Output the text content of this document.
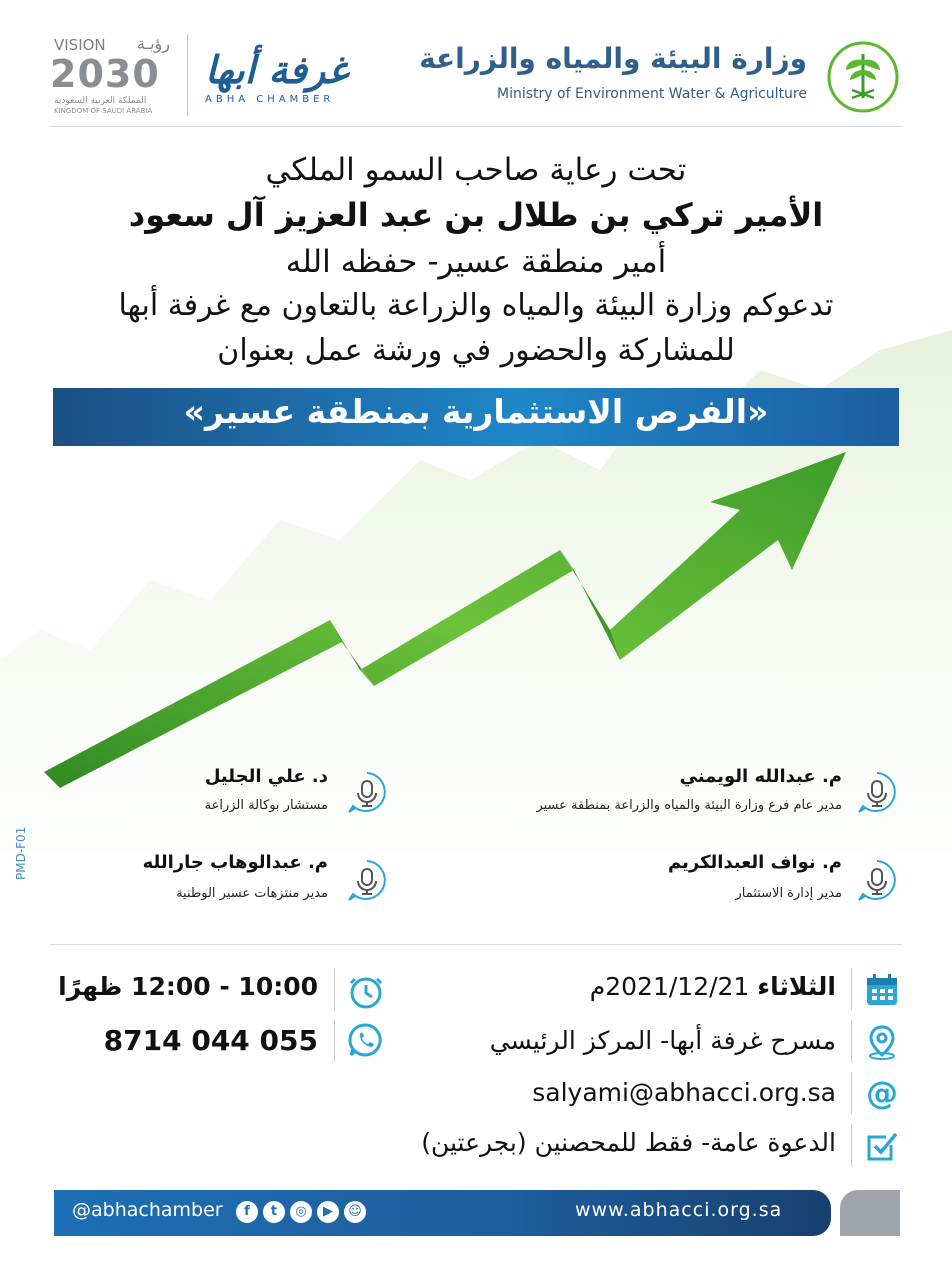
وزارة البيئة والمياه والزراعة
Ministry of Environment Water & Agriculture
غرفة أبها
ABHA CHAMBER
VISION رؤيـة
2030
المملكة العربية السعودية
KINGDOM OF SAUDI ARABIA
تحت رعاية صاحب السمو الملكي
الأمير تركي بن طلال بن عبد العزيز آل سعود
أمير منطقة عسير- حفظه الله
تدعوكم وزارة البيئة والمياه والزراعة بالتعاون مع غرفة أبها
للمشاركة والحضور في ورشة عمل بعنوان
«الفرص الاستثمارية بمنطقة عسير»
م. عبدالله الويمني
مدير عام فرع وزارة البيئة والمياه والزراعة بمنطقة عسير
د. علي الجليل
مستشار بوكالة الزراعة
م. نواف العبدالكريم
مدير إدارة الاستثمار
م. عبدالوهاب جارالله
مدير منتزهات عسير الوطنية
PMD-F01
الثلاثاء 2021/12/21م
10:00 - 12:00 ظهرًا
مسرح غرفة أبها- المركز الرئيسي
055 044 8714
@
salyami@abhacci.org.sa
الدعوة عامة- فقط للمحصنين (بجرعتين)
@abhachamber	f	t	◎	▶	☺	www.abhacci.org.sa
